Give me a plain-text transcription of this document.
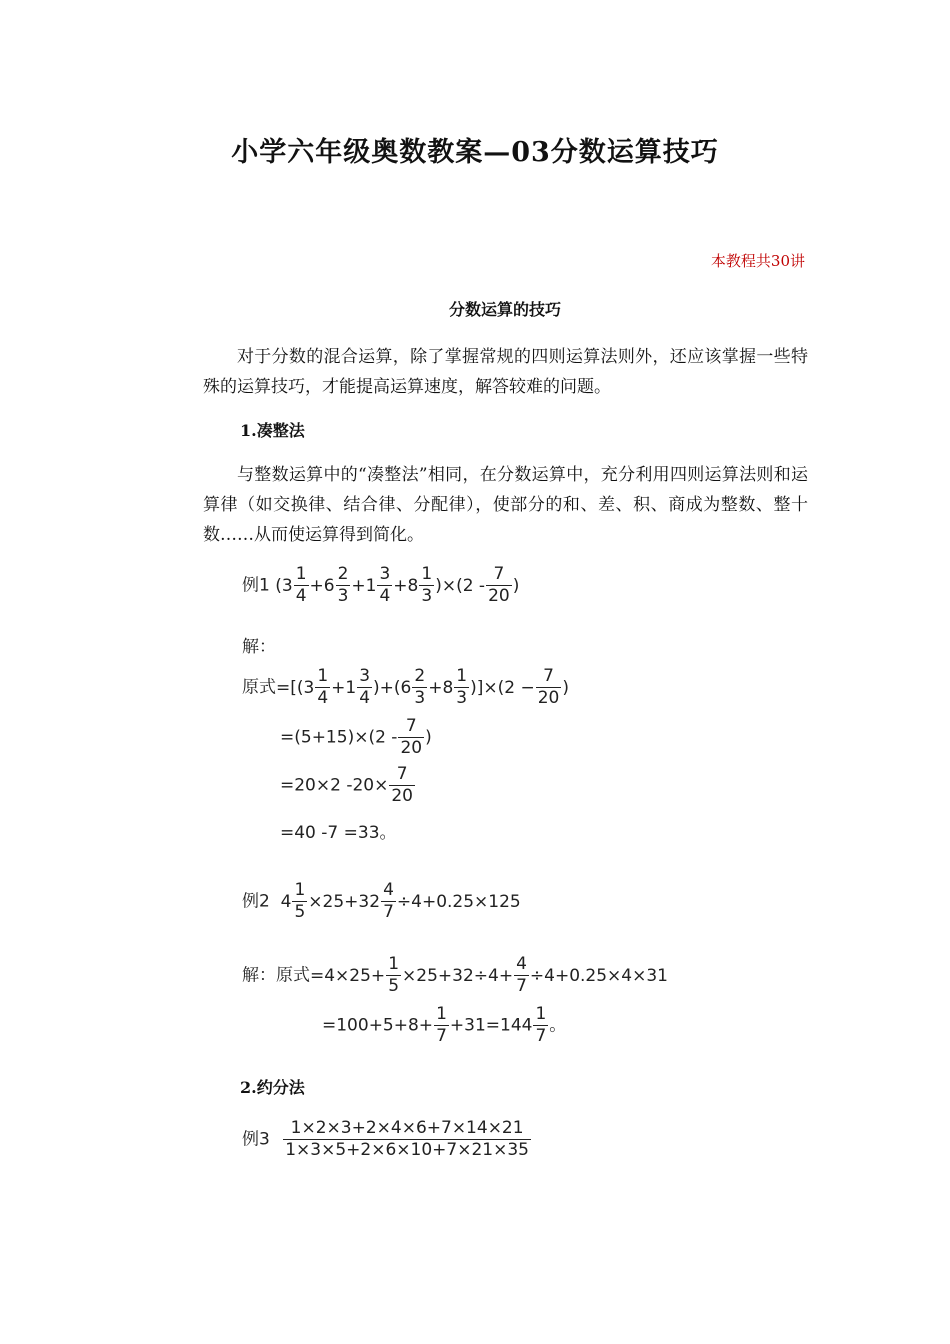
小学六年级奥数教案—03分数运算技巧
本教程共30讲
分数运算的技巧

对于分数的混合运算，除了掌握常规的四则运算法则外，还应该掌握一些特殊的运算技巧，才能提高运算速度，解答较难的问题。

1.凑整法

与整数运算中的“凑整法”相同，在分数运算中，充分利用四则运算法则和运算律（如交换律、结合律、分配律），使部分的和、差、积、商成为整数、整十数……从而使运算得到简化。

例1 $(3 \frac{1}{4} +6 \frac{2}{3} +1 \frac{3}{4} +8 \frac{1}{3} )\times(2 - \frac{7}{20}$ )
解：
原式$=[(3 \frac{1}{4} +1 \frac{3}{4} )+(6 \frac{2}{3} +8 \frac{1}{3} )]\times(2 - \frac{7}{20}$ )
$=(5+15)\times(2 - \frac{7}{20}$ )
=20×2 $-20\times \frac{7}{20}$
=40 -7 =33。
例2  $4 \frac{1}{5} \times 25+32 \frac{4}{7} \div 4+0.25\times 125$
解：原式$=4\times 25+ \frac{1}{5} \times 25+32\div 4+ \frac{4}{7} \div 4+0.25\times 4\times 31$
$=100+5+8+ \frac{1}{7} +31=144 \frac{1}{7}$ 。
2.约分法
例$3 \frac{1\times 2\times 3+2\times 4\times 6+7\times 14\times 21}{1\times 3\times 5+2\times 6\times 10+7\times 21\times 35}$
